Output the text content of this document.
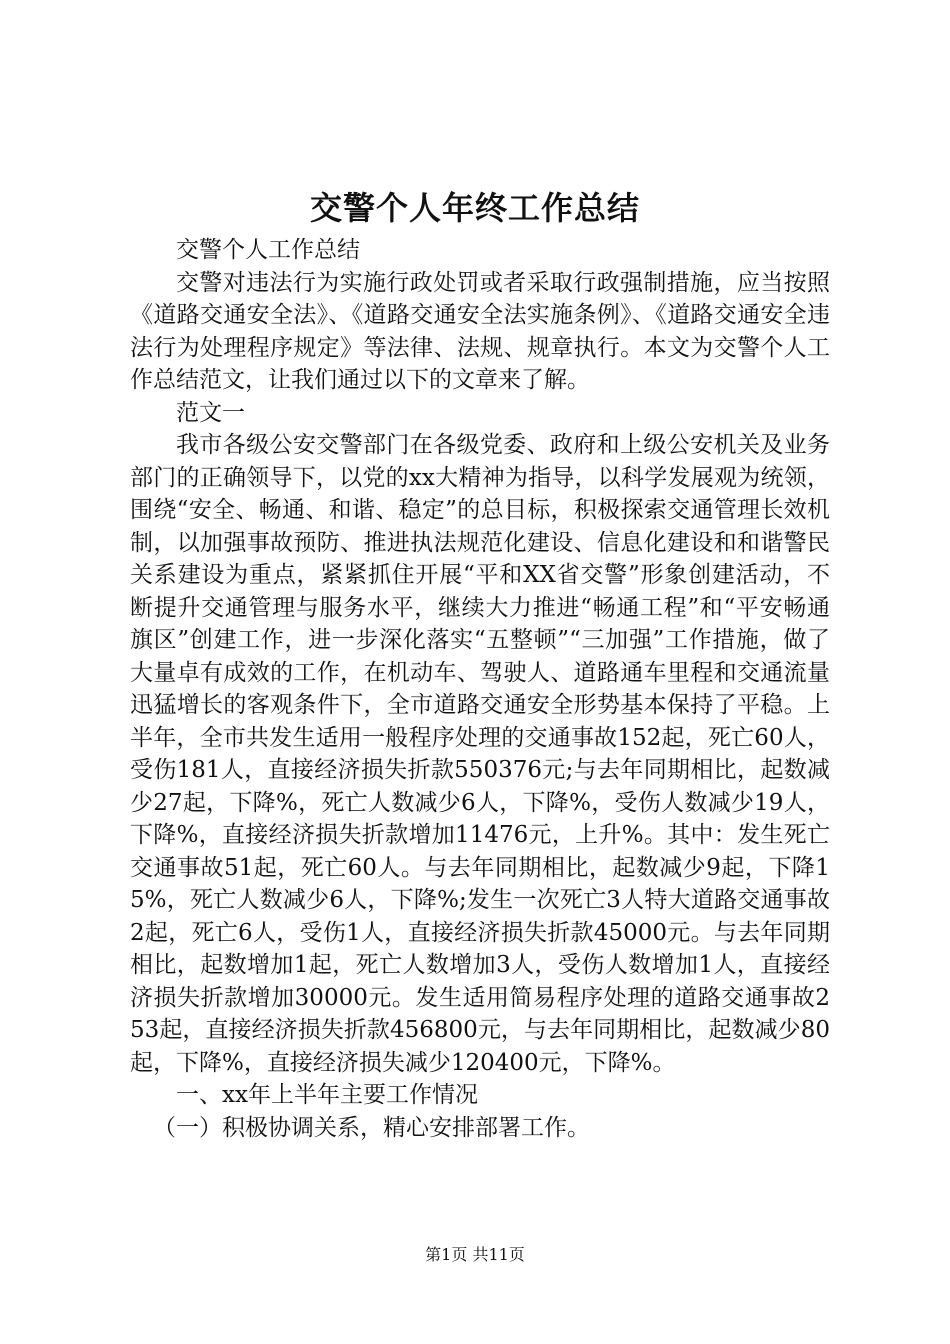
交警个人年终工作总结

交警个人工作总结

交警对违法行为实施行政处罚或者采取行政强制措施，应当按照《道路交通安全法》、《道路交通安全法实施条例》、《道路交通安全违法行为处理程序规定》等法律、法规、规章执行。本文为交警个人工作总结范文，让我们通过以下的文章来了解。

范文一

我市各级公安交警部门在各级党委、政府和上级公安机关及业务部门的正确领导下，以党的xx大精神为指导，以科学发展观为统领，围绕“安全、畅通、和谐、稳定”的总目标，积极探索交通管理长效机制，以加强事故预防、推进执法规范化建设、信息化建设和和谐警民关系建设为重点，紧紧抓住开展“平和XX省交警”形象创建活动，不断提升交通管理与服务水平，继续大力推进“畅通工程”和“平安畅通旗区”创建工作，进一步深化落实“五整顿”“三加强”工作措施，做了大量卓有成效的工作，在机动车、驾驶人、道路通车里程和交通流量迅猛增长的客观条件下，全市道路交通安全形势基本保持了平稳。上半年，全市共发生适用一般程序处理的交通事故152起，死亡60人，受伤181人，直接经济损失折款550376元;与去年同期相比，起数减少27起，下降%，死亡人数减少6人，下降%，受伤人数减少19人，下降%，直接经济损失折款增加11476元，上升%。其中：发生死亡交通事故51起，死亡60人。与去年同期相比，起数减少9起，下降15%，死亡人数减少6人，下降%;发生一次死亡3人特大道路交通事故2起，死亡6人，受伤1人，直接经济损失折款45000元。与去年同期相比，起数增加1起，死亡人数增加3人，受伤人数增加1人，直接经济损失折款增加30000元。发生适用简易程序处理的道路交通事故253起，直接经济损失折款456800元，与去年同期相比，起数减少80起，下降%，直接经济损失减少120400元，下降%。

一、xx年上半年主要工作情况

（一）积极协调关系，精心安排部署工作。

第1页 共11页
